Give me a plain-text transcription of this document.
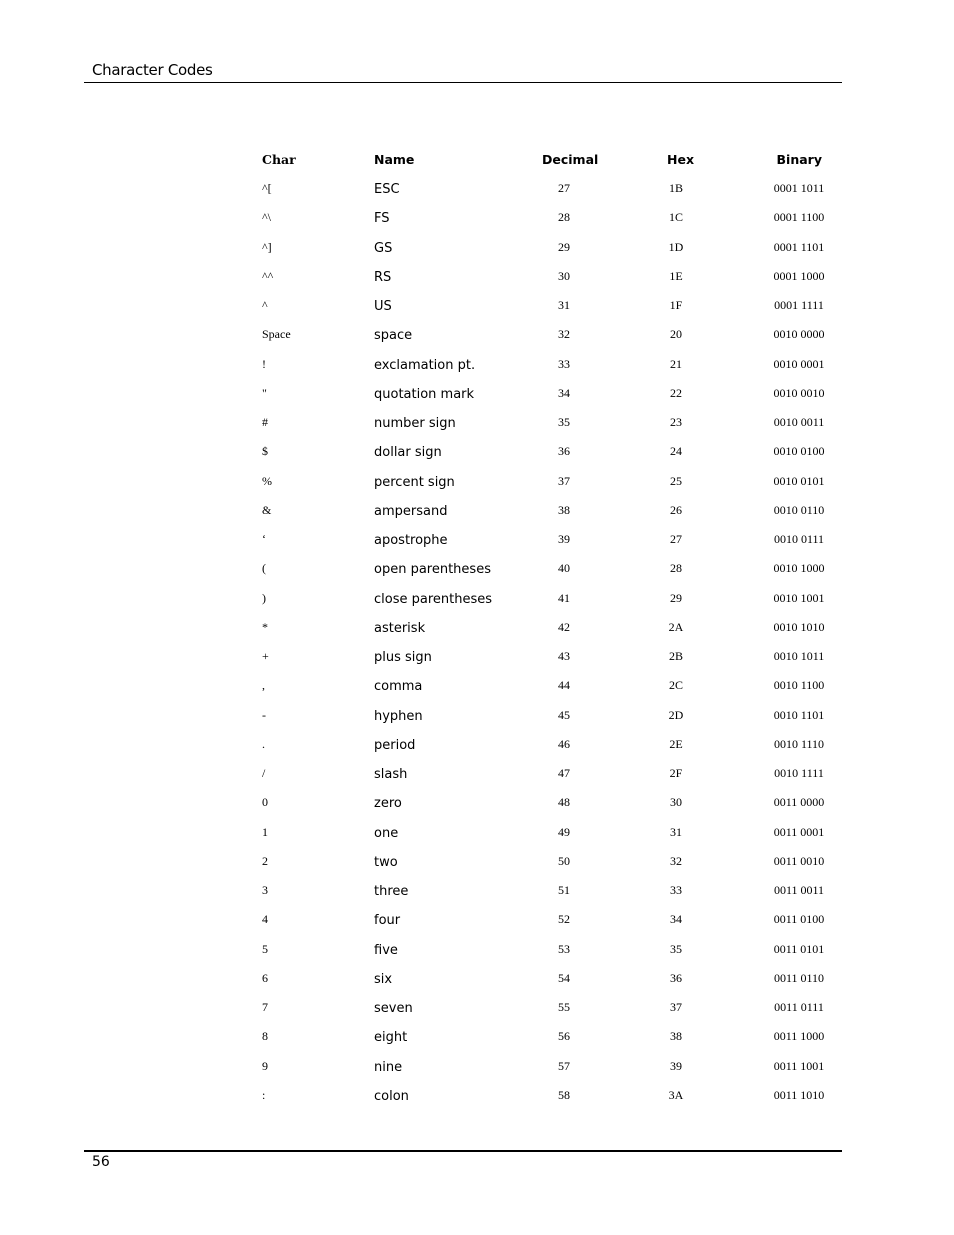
Character Codes
Char	Name	Decimal	Hex	Binary
^[	ESC	27	1B	0001 1011
^\	FS	28	1C	0001 1100
^]	GS	29	1D	0001 1101
^^	RS	30	1E	0001 1000
^	US	31	1F	0001 1111
Space	space	32	20	0010 0000
!	exclamation pt.	33	21	0010 0001
"	quotation mark	34	22	0010 0010
#	number sign	35	23	0010 0011
$	dollar sign	36	24	0010 0100
%	percent sign	37	25	0010 0101
&	ampersand	38	26	0010 0110
‘	apostrophe	39	27	0010 0111
(	open parentheses	40	28	0010 1000
)	close parentheses	41	29	0010 1001
*	asterisk	42	2A	0010 1010
+	plus sign	43	2B	0010 1011
,	comma	44	2C	0010 1100
-	hyphen	45	2D	0010 1101
.	period	46	2E	0010 1110
/	slash	47	2F	0010 1111
0	zero	48	30	0011 0000
1	one	49	31	0011 0001
2	two	50	32	0011 0010
3	three	51	33	0011 0011
4	four	52	34	0011 0100
5	five	53	35	0011 0101
6	six	54	36	0011 0110
7	seven	55	37	0011 0111
8	eight	56	38	0011 1000
9	nine	57	39	0011 1001
:	colon	58	3A	0011 1010
56
